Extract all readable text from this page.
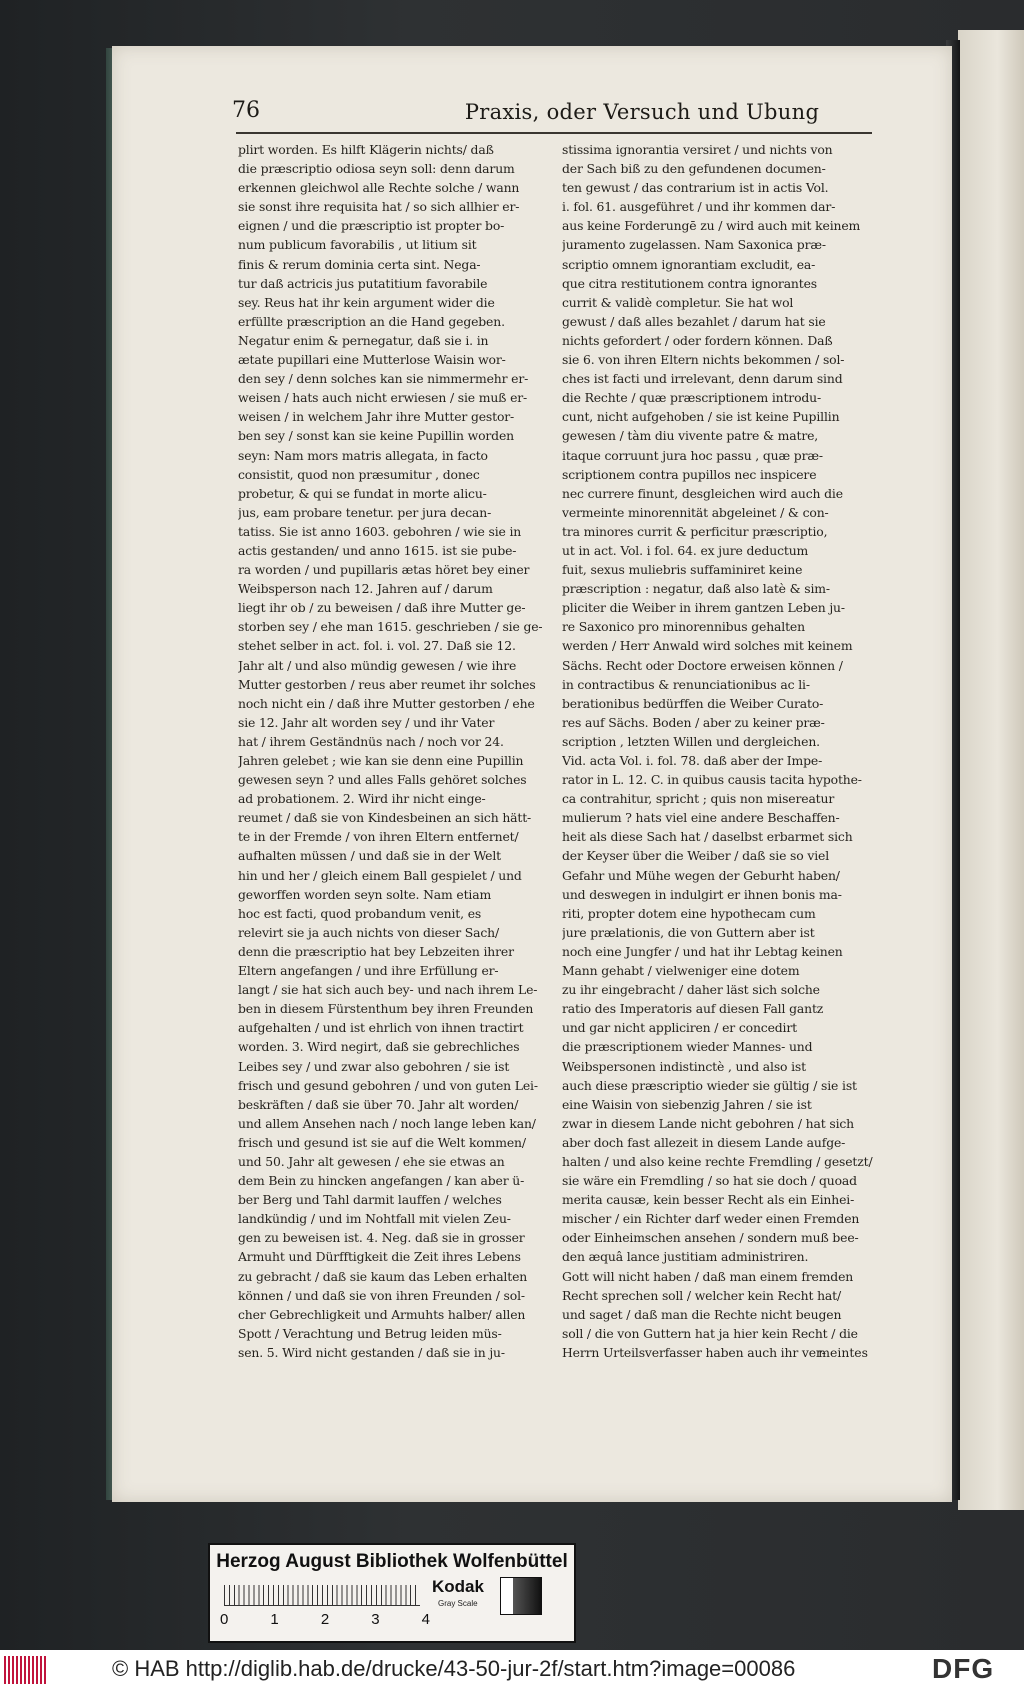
76	Praxis, oder Versuch und Ubung
plirt worden. Es hilft Klägerin nichts/ daß
die præscriptio odiosa seyn soll: denn darum
erkennen gleichwol alle Rechte solche / wann
sie sonst ihre requisita hat / so sich allhier er-
eignen / und die præscriptio ist propter bo-
num publicum favorabilis , ut litium sit
finis & rerum dominia certa sint. Nega-
tur daß actricis jus putatitium favorabile
sey. Reus hat ihr kein argument wider die
erfüllte præscription an die Hand gegeben.
Negatur enim & pernegatur, daß sie i. in
ætate pupillari eine Mutterlose Waisin wor-
den sey / denn solches kan sie nimmermehr er-
weisen / hats auch nicht erwiesen / sie muß er-
weisen / in welchem Jahr ihre Mutter gestor-
ben sey / sonst kan sie keine Pupillin worden
seyn: Nam mors matris allegata, in facto
consistit, quod non præsumitur , donec
probetur, & qui se fundat in morte alicu-
jus, eam probare tenetur. per jura decan-
tatiss. Sie ist anno 1603. gebohren / wie sie in
actis gestanden/ und anno 1615. ist sie pube-
ra worden / und pupillaris ætas höret bey einer
Weibsperson nach 12. Jahren auf / darum
liegt ihr ob / zu beweisen / daß ihre Mutter ge-
storben sey / ehe man 1615. geschrieben / sie ge-
stehet selber in act. fol. i. vol. 27. Daß sie 12.
Jahr alt / und also mündig gewesen / wie ihre
Mutter gestorben / reus aber reumet ihr solches
noch nicht ein / daß ihre Mutter gestorben / ehe
sie 12. Jahr alt worden sey / und ihr Vater
hat / ihrem Geständnüs nach / noch vor 24.
Jahren gelebet ; wie kan sie denn eine Pupillin
gewesen seyn ? und alles Falls gehöret solches
ad probationem. 2. Wird ihr nicht einge-
reumet / daß sie von Kindesbeinen an sich hätt-
te in der Fremde / von ihren Eltern entfernet/
aufhalten müssen / und daß sie in der Welt
hin und her / gleich einem Ball gespielet / und
geworffen worden seyn solte. Nam etiam
hoc est facti, quod probandum venit, es
relevirt sie ja auch nichts von dieser Sach/
denn die præscriptio hat bey Lebzeiten ihrer
Eltern angefangen / und ihre Erfüllung er-
langt / sie hat sich auch bey- und nach ihrem Le-
ben in diesem Fürstenthum bey ihren Freunden
aufgehalten / und ist ehrlich von ihnen tractirt
worden. 3. Wird negirt, daß sie gebrechliches
Leibes sey / und zwar also gebohren / sie ist
frisch und gesund gebohren / und von guten Lei-
beskräften / daß sie über 70. Jahr alt worden/
und allem Ansehen nach / noch lange leben kan/
frisch und gesund ist sie auf die Welt kommen/
und 50. Jahr alt gewesen / ehe sie etwas an
dem Bein zu hincken angefangen / kan aber ü-
ber Berg und Tahl darmit lauffen / welches
landkündig / und im Nohtfall mit vielen Zeu-
gen zu beweisen ist. 4. Neg. daß sie in grosser
Armuht und Dürfftigkeit die Zeit ihres Lebens
zu gebracht / daß sie kaum das Leben erhalten
können / und daß sie von ihren Freunden / sol-
cher Gebrechligkeit und Armuhts halber/ allen
Spott / Verachtung und Betrug leiden müs-
sen. 5. Wird nicht gestanden / daß sie in ju-
stissima ignorantia versiret / und nichts von
der Sach biß zu den gefundenen documen-
ten gewust / das contrarium ist in actis Vol.
i. fol. 61. ausgeführet / und ihr kommen dar-
aus keine Forderungē zu / wird auch mit keinem
juramento zugelassen. Nam Saxonica præ-
scriptio omnem ignorantiam excludit, ea-
que citra restitutionem contra ignorantes
currit & validè completur. Sie hat wol
gewust / daß alles bezahlet / darum hat sie
nichts gefordert / oder fordern können. Daß
sie 6. von ihren Eltern nichts bekommen / sol-
ches ist facti und irrelevant, denn darum sind
die Rechte / quæ præscriptionem introdu-
cunt, nicht aufgehoben / sie ist keine Pupillin
gewesen / tàm diu vivente patre & matre,
itaque corruunt jura hoc passu , quæ præ-
scriptionem contra pupillos nec inspicere
nec currere finunt, desgleichen wird auch die
vermeinte minorennität abgeleinet / & con-
tra minores currit & perficitur præscriptio,
ut in act. Vol. i fol. 64. ex jure deductum
fuit, sexus muliebris suffaminiret keine
præscription : negatur, daß also latè & sim-
pliciter die Weiber in ihrem gantzen Leben ju-
re Saxonico pro minorennibus gehalten
werden / Herr Anwald wird solches mit keinem
Sächs. Recht oder Doctore erweisen können /
in contractibus & renunciationibus ac li-
berationibus bedürffen die Weiber Curato-
res auf Sächs. Boden / aber zu keiner præ-
scription , letzten Willen und dergleichen.
Vid. acta Vol. i. fol. 78. daß aber der Impe-
rator in L. 12. C. in quibus causis tacita hypothe-
ca contrahitur, spricht ; quis non misereatur
mulierum ? hats viel eine andere Beschaffen-
heit als diese Sach hat / daselbst erbarmet sich
der Keyser über die Weiber / daß sie so viel
Gefahr und Mühe wegen der Geburht haben/
und deswegen in indulgirt er ihnen bonis ma-
riti, propter dotem eine hypothecam cum
jure prælationis, die von Guttern aber ist
noch eine Jungfer / und hat ihr Lebtag keinen
Mann gehabt / vielweniger eine dotem
zu ihr eingebracht / daher läst sich solche
ratio des Imperatoris auf diesen Fall gantz
und gar nicht appliciren / er concedirt
die præscriptionem wieder Mannes- und
Weibspersonen indistinctè , und also ist
auch diese præscriptio wieder sie gültig / sie ist
eine Waisin von siebenzig Jahren / sie ist
zwar in diesem Lande nicht gebohren / hat sich
aber doch fast allezeit in diesem Lande aufge-
halten / und also keine rechte Fremdling / gesetzt/
sie wäre ein Fremdling / so hat sie doch / quoad
merita causæ, kein besser Recht als ein Einhei-
mischer / ein Richter darf weder einen Fremden
oder Einheimschen ansehen / sondern muß bee-
den æquâ lance justitiam administriren.
Gott will nicht haben / daß man einem fremden
Recht sprechen soll / welcher kein Recht hat/
und saget / daß man die Rechte nicht beugen
soll / die von Guttern hat ja hier kein Recht / die
Herrn Urteilsverfasser haben auch ihr ver-
meintes
Herzog August Bibliothek Wolfenbüttel
0	1	2	3	4
Kodak
Gray Scale
© HAB http://diglib.hab.de/drucke/43-50-jur-2f/start.htm?image=00086	DFG
